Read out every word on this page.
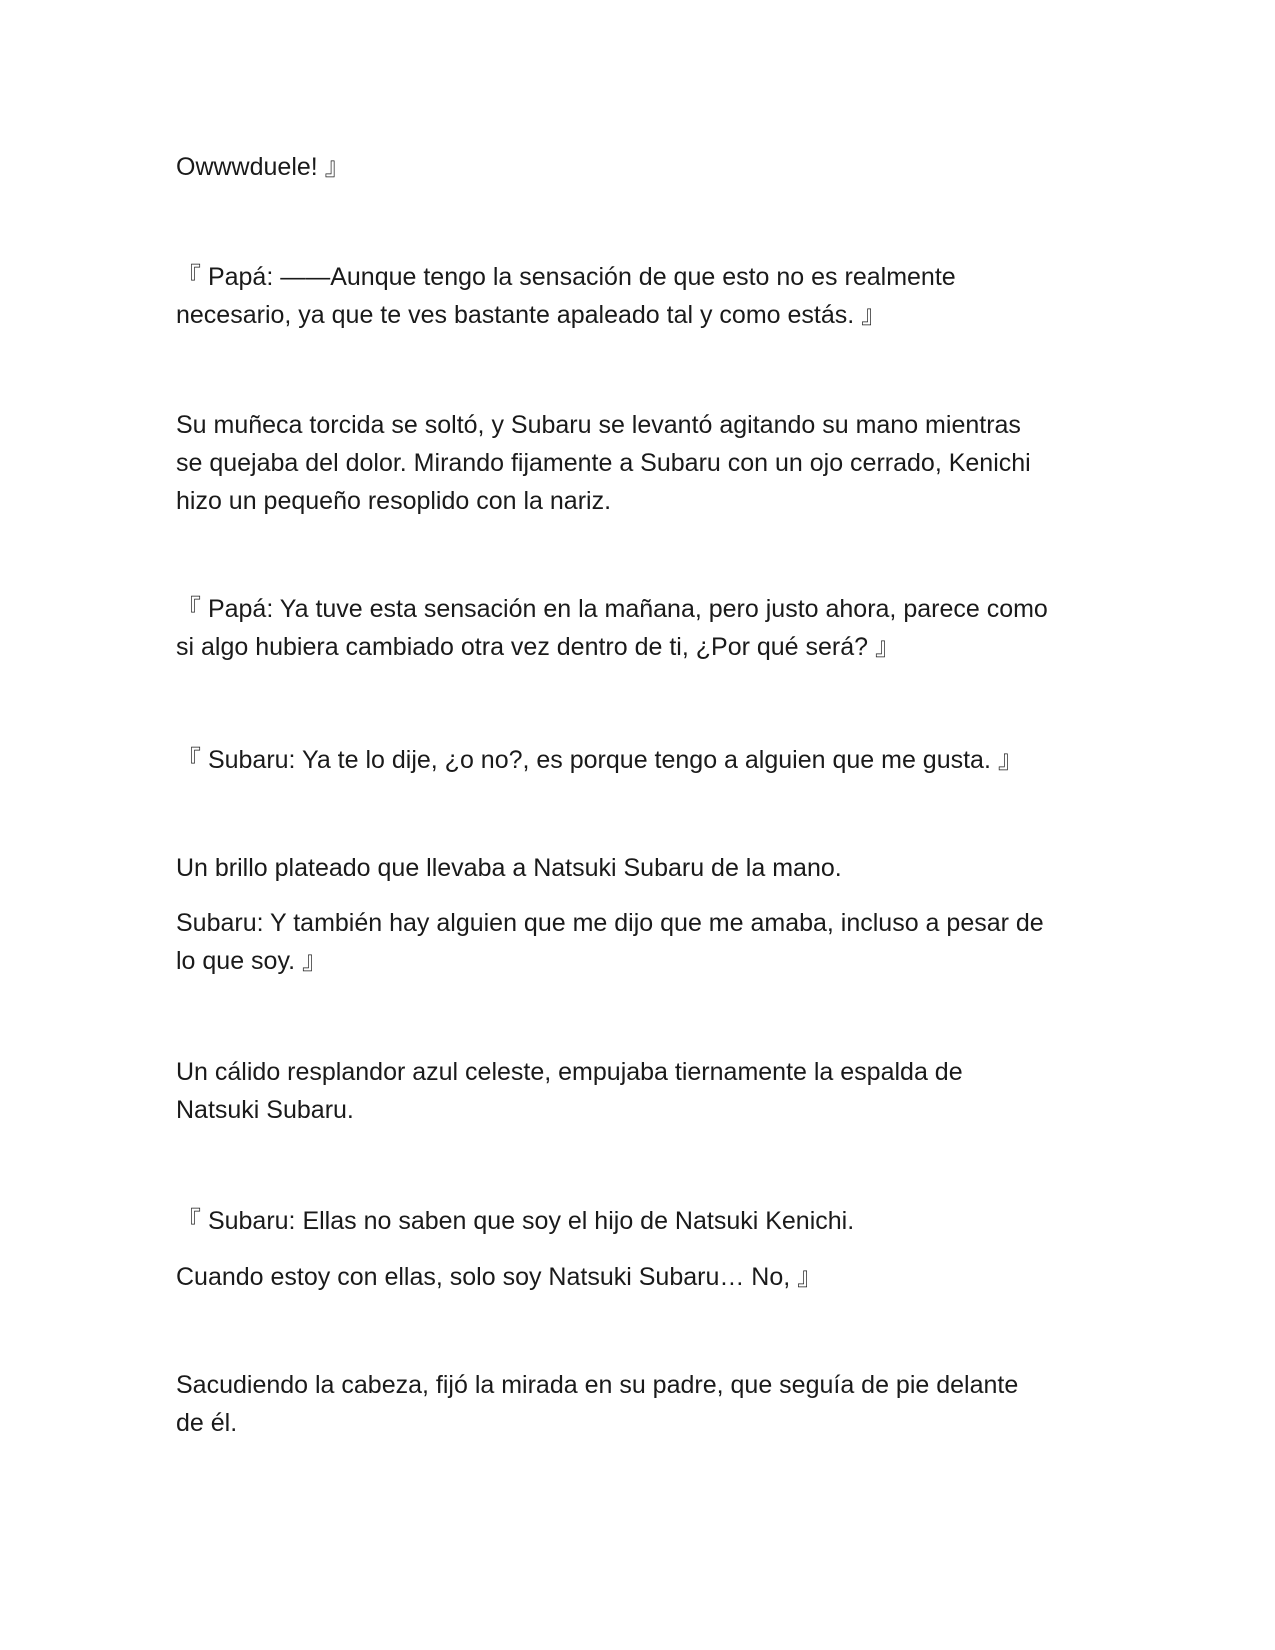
Owwwduele! 』

『 Papá: ——Aunque tengo la sensación de que esto no es realmente
necesario, ya que te ves bastante apaleado tal y como estás. 』

Su muñeca torcida se soltó, y Subaru se levantó agitando su mano mientras
se quejaba del dolor. Mirando fijamente a Subaru con un ojo cerrado, Kenichi
hizo un pequeño resoplido con la nariz.

『 Papá: Ya tuve esta sensación en la mañana, pero justo ahora, parece como
si algo hubiera cambiado otra vez dentro de ti, ¿Por qué será? 』

『 Subaru: Ya te lo dije, ¿o no?, es porque tengo a alguien que me gusta. 』

Un brillo plateado que llevaba a Natsuki Subaru de la mano.

Subaru: Y también hay alguien que me dijo que me amaba, incluso a pesar de
lo que soy. 』

Un cálido resplandor azul celeste, empujaba tiernamente la espalda de
Natsuki Subaru.

『 Subaru: Ellas no saben que soy el hijo de Natsuki Kenichi.

Cuando estoy con ellas, solo soy Natsuki Subaru… No, 』

Sacudiendo la cabeza, fijó la mirada en su padre, que seguía de pie delante
de él.
